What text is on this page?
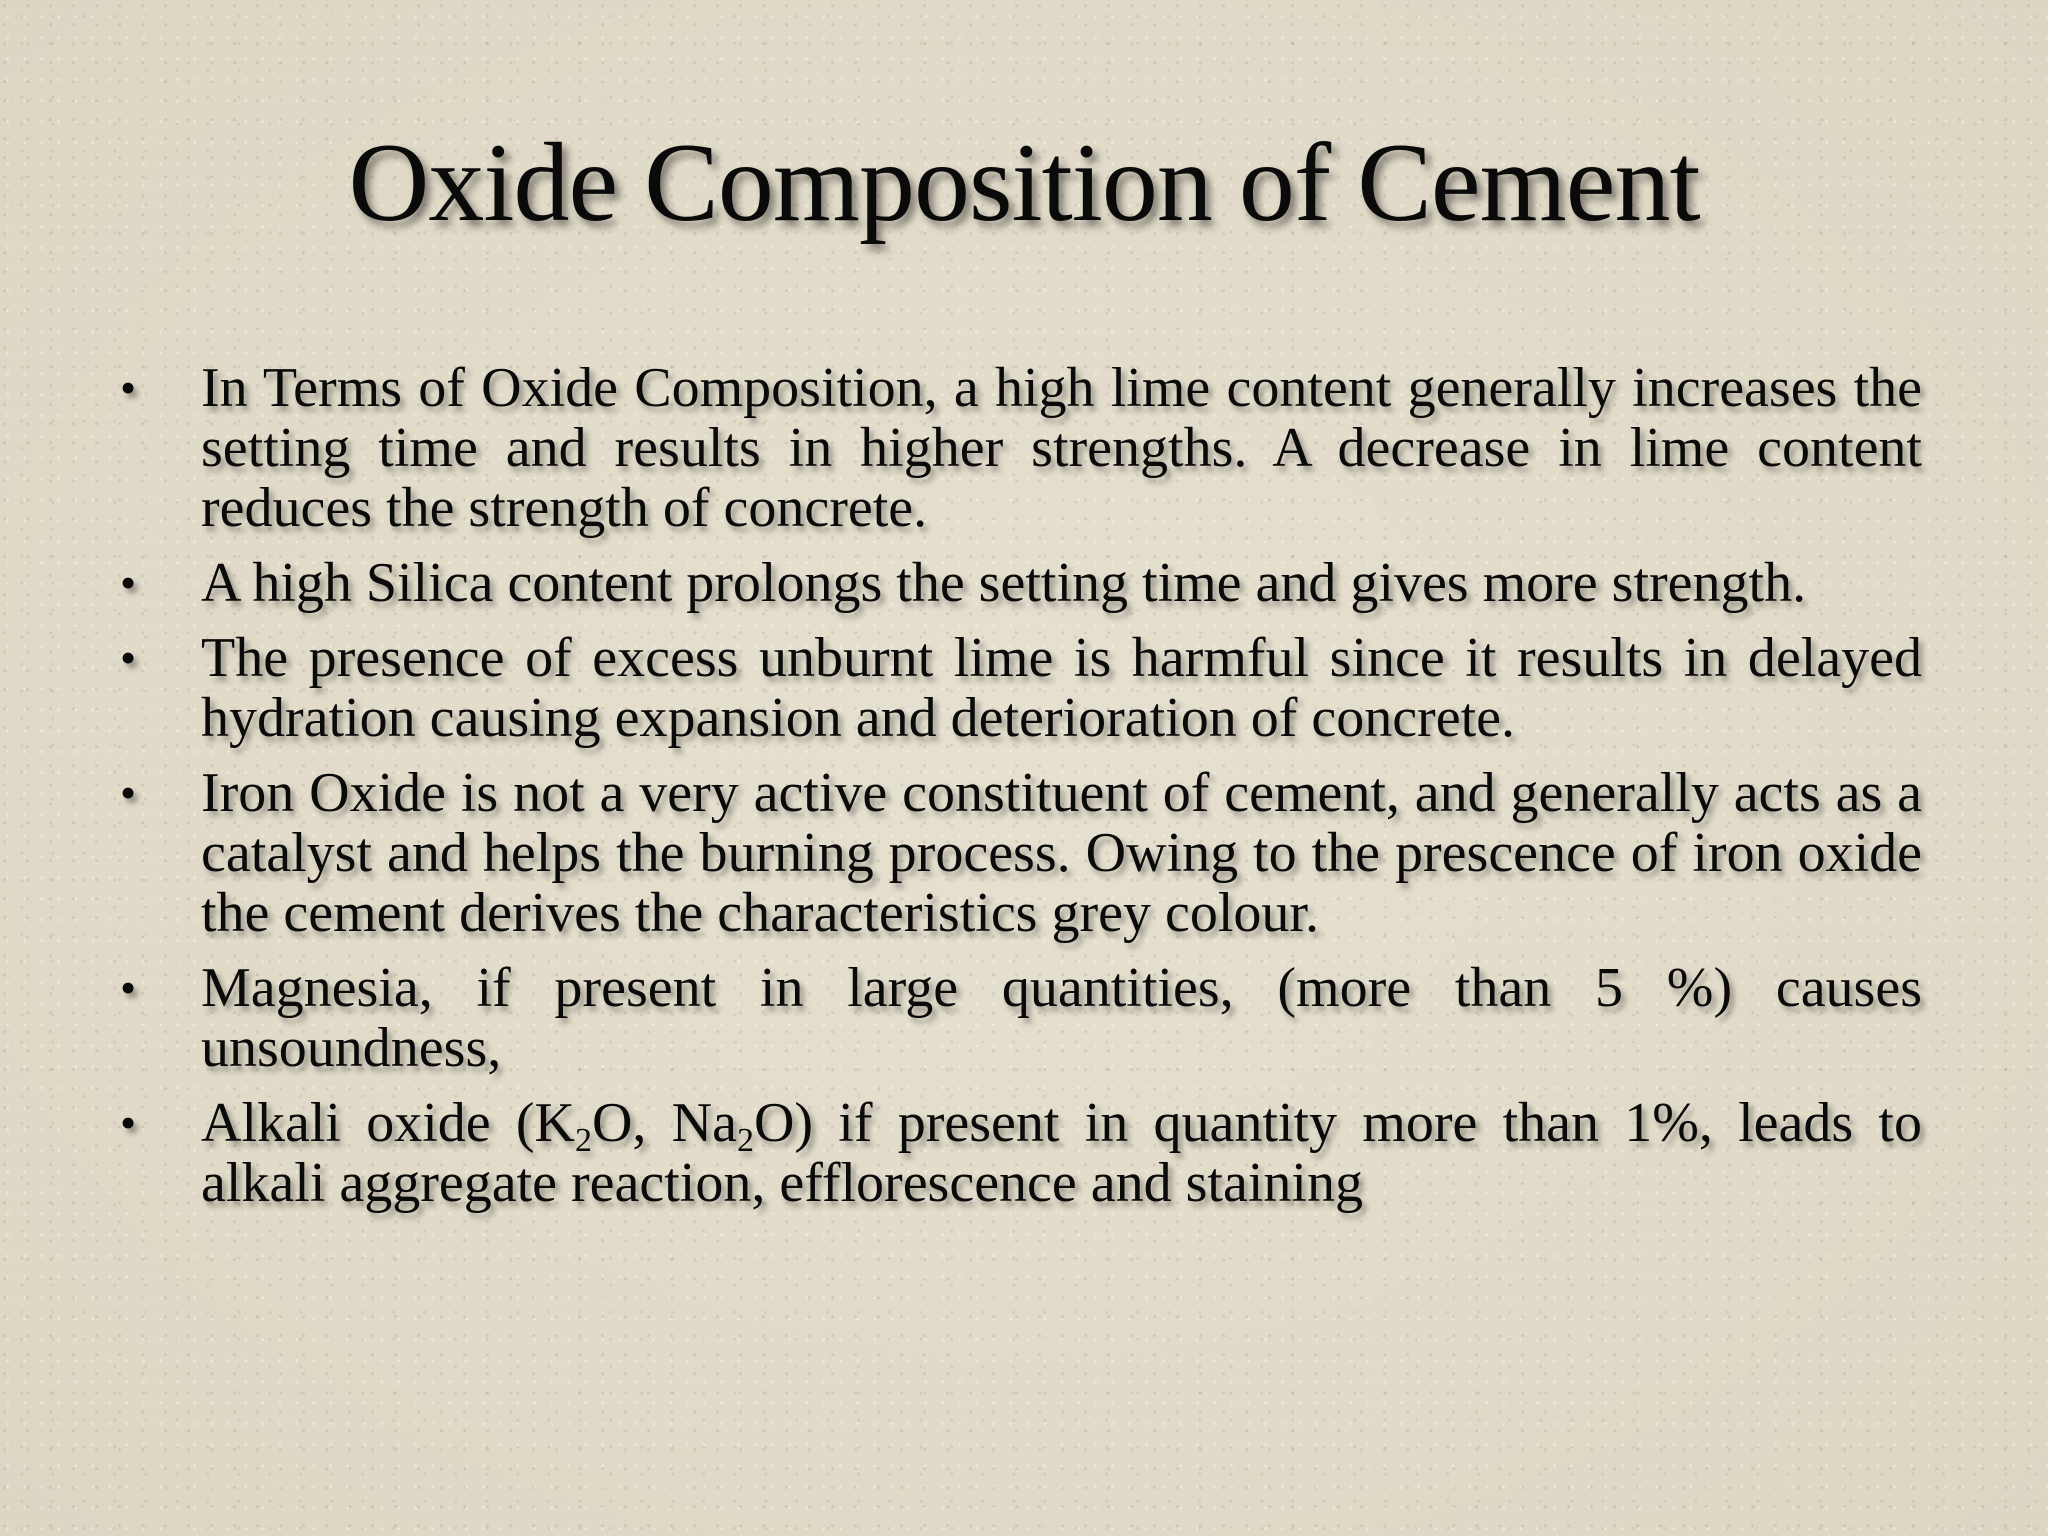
Oxide Composition of Cement
• In Terms of Oxide Composition, a high lime content generally increases the setting time and results in higher strengths. A decrease in lime content reduces the strength of concrete.
• A high Silica content prolongs the setting time and gives more strength.
• The presence of excess unburnt lime is harmful since it results in delayed hydration causing expansion and deterioration of concrete.
• Iron Oxide is not a very active constituent of cement, and generally acts as a catalyst and helps the burning process. Owing to the prescence of iron oxide the cement derives the characteristics grey colour.
• Magnesia, if present in large quantities, (more than 5 %) causes unsoundness,
• Alkali oxide ($K_2O$, $Na_2O$) if present in quantity more than 1%, leads to alkali aggregate reaction, efflorescence and staining
